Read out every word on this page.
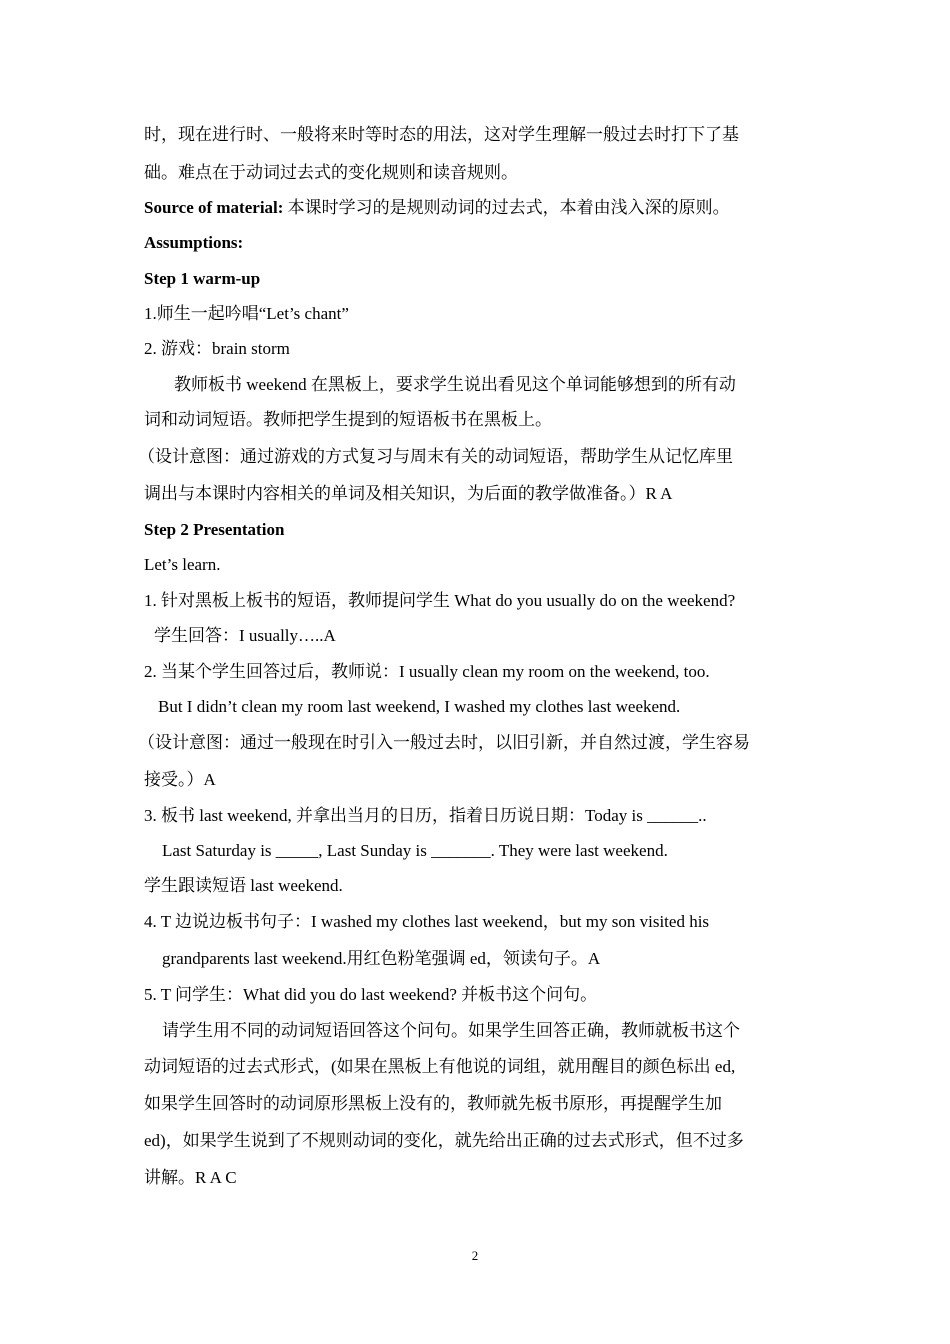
时，现在进行时、一般将来时等时态的用法，这对学生理解一般过去时打下了基
础。难点在于动词过去式的变化规则和读音规则。
Source of material: 本课时学习的是规则动词的过去式，本着由浅入深的原则。
Assumptions:
Step 1 warm-up
1.师生一起吟唱“Let’s chant”
2. 游戏：brain storm
教师板书 weekend 在黑板上，要求学生说出看见这个单词能够想到的所有动
词和动词短语。教师把学生提到的短语板书在黑板上。
（设计意图：通过游戏的方式复习与周末有关的动词短语，帮助学生从记忆库里
调出与本课时内容相关的单词及相关知识，为后面的教学做准备。）R A
Step 2 Presentation
Let’s learn.
1. 针对黑板上板书的短语，教师提问学生 What do you usually do on the weekend?
学生回答：I usually…..A
2. 当某个学生回答过后，教师说：I usually clean my room on the weekend, too.
But I didn’t clean my room last weekend, I washed my clothes last weekend.
（设计意图：通过一般现在时引入一般过去时，以旧引新，并自然过渡，学生容易
接受。）A
3. 板书 last weekend, 并拿出当月的日历，指着日历说日期：Today is ______..
Last Saturday is _____, Last Sunday is _______. They were last weekend.
学生跟读短语 last weekend.
4. T 边说边板书句子：I washed my clothes last weekend，but my son visited his
grandparents last weekend.用红色粉笔强调 ed，领读句子。A
5. T 问学生：What did you do last weekend? 并板书这个问句。
请学生用不同的动词短语回答这个问句。如果学生回答正确，教师就板书这个
动词短语的过去式形式，(如果在黑板上有他说的词组，就用醒目的颜色标出 ed,
如果学生回答时的动词原形黑板上没有的，教师就先板书原形，再提醒学生加
ed)，如果学生说到了不规则动词的变化，就先给出正确的过去式形式，但不过多
讲解。R A C
2
